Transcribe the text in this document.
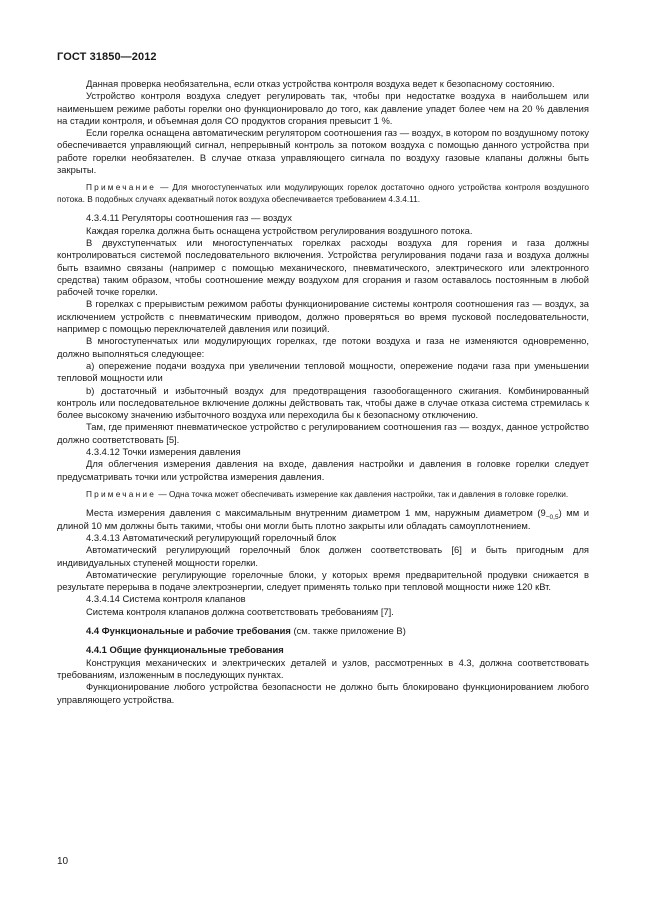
ГОСТ 31850—2012

Данная проверка необязательна, если отказ устройства контроля воздуха ведет к безопасному состоянию.

Устройство контроля воздуха следует регулировать так, чтобы при недостатке воздуха в наибольшем или наименьшем режиме работы горелки оно функционировало до того, как давление упадет более чем на 20 % давления на стадии контроля, и объемная доля СО продуктов сгорания превысит 1 %.

Если горелка оснащена автоматическим регулятором соотношения газ — воздух, в котором по воздушному потоку обеспечивается управляющий сигнал, непрерывный контроль за потоком воздуха с помощью данного устройства при работе горелки необязателен. В случае отказа управляющего сигнала по воздуху газовые клапаны должны быть закрыты.

Примечание — Для многоступенчатых или модулирующих горелок достаточно одного устройства контроля воздушного потока. В подобных случаях адекватный поток воздуха обеспечивается требованием 4.3.4.11.

4.3.4.11 Регуляторы соотношения газ — воздух

Каждая горелка должна быть оснащена устройством регулирования воздушного потока.

В двухступенчатых или многоступенчатых горелках расходы воздуха для горения и газа должны контролироваться системой последовательного включения. Устройства регулирования подачи газа и воздуха должны быть взаимно связаны (например с помощью механического, пневматического, электрического или электронного средства) таким образом, чтобы соотношение между воздухом для сгорания и газом оставалось постоянным в любой рабочей точке горелки.

В горелках с прерывистым режимом работы функционирование системы контроля соотношения газ — воздух, за исключением устройств с пневматическим приводом, должно проверяться во время пусковой последовательности, например с помощью переключателей давления или позиций.

В многоступенчатых или модулирующих горелках, где потоки воздуха и газа не изменяются одновременно, должно выполняться следующее:

а) опережение подачи воздуха при увеличении тепловой мощности, опережение подачи газа при уменьшении тепловой мощности или

b) достаточный и избыточный воздух для предотвращения газообогащенного сжигания. Комбинированный контроль или последовательное включение должны действовать так, чтобы даже в случае отказа система стремилась к более высокому значению избыточного воздуха или переходила бы к безопасному отключению.

Там, где применяют пневматическое устройство с регулированием соотношения газ — воздух, данное устройство должно соответствовать [5].

4.3.4.12 Точки измерения давления

Для облегчения измерения давления на входе, давления настройки и давления в головке горелки следует предусматривать точки или устройства измерения давления.

Примечание — Одна точка может обеспечивать измерение как давления настройки, так и давления в головке горелки.

Места измерения давления с максимальным внутренним диаметром 1 мм, наружным диаметром $(9_{-0,5})$ мм и длиной 10 мм должны быть такими, чтобы они могли быть плотно закрыты или обладать самоуплотнением.

4.3.4.13 Автоматический регулирующий горелочный блок

Автоматический регулирующий горелочный блок должен соответствовать [6] и быть пригодным для индивидуальных ступеней мощности горелки.

Автоматические регулирующие горелочные блоки, у которых время предварительной продувки снижается в результате перерыва в подаче электроэнергии, следует применять только при тепловой мощности ниже 120 кВт.

4.3.4.14 Система контроля клапанов

Система контроля клапанов должна соответствовать требованиям [7].

4.4 Функциональные и рабочие требования (см. также приложение В)

4.4.1 Общие функциональные требования

Конструкция механических и электрических деталей и узлов, рассмотренных в 4.3, должна соответствовать требованиям, изложенным в последующих пунктах.

Функционирование любого устройства безопасности не должно быть блокировано функционированием любого управляющего устройства.

10
